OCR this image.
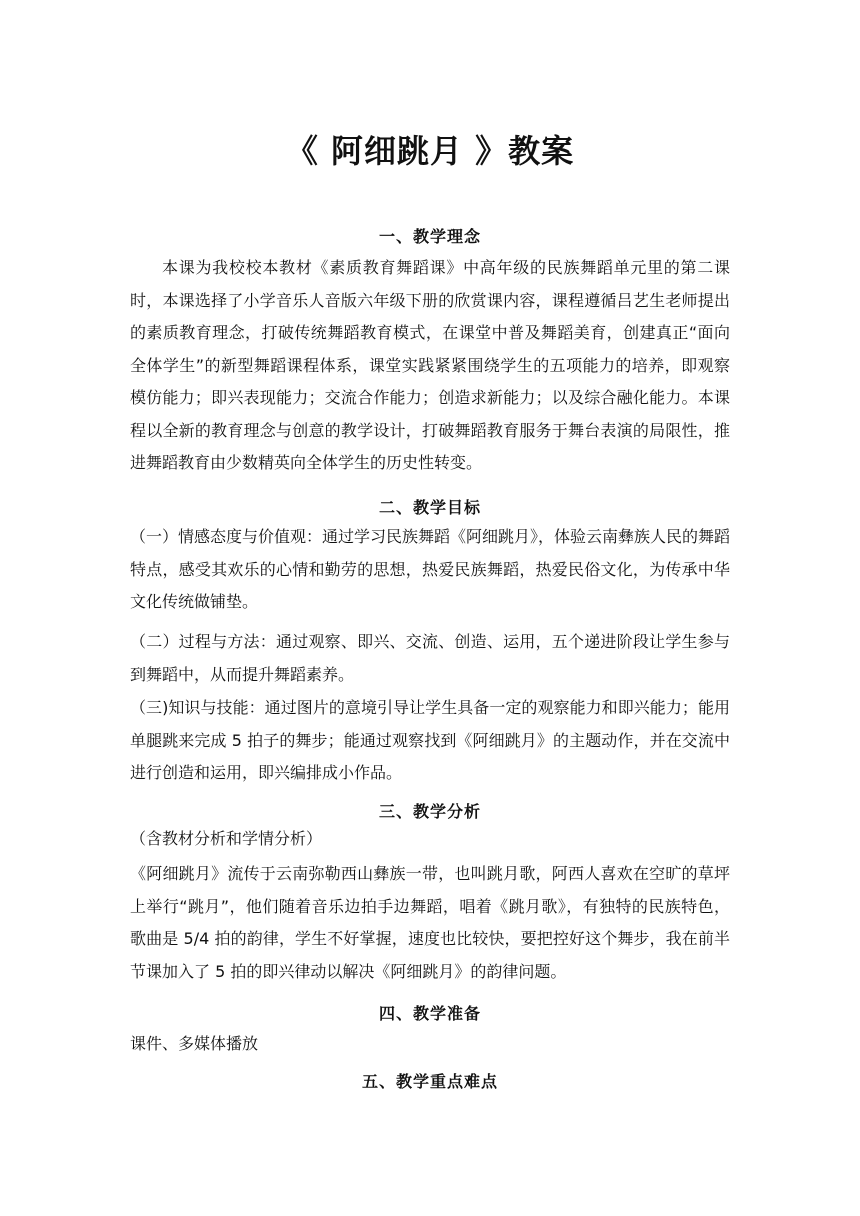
《 阿细跳月 》教案
一、教学理念
本课为我校校本教材《素质教育舞蹈课》中高年级的民族舞蹈单元里的第二课时，本课选择了小学音乐人音版六年级下册的欣赏课内容，课程遵循吕艺生老师提出的素质教育理念，打破传统舞蹈教育模式，在课堂中普及舞蹈美育，创建真正“面向全体学生”的新型舞蹈课程体系，课堂实践紧紧围绕学生的五项能力的培养，即观察模仿能力；即兴表现能力；交流合作能力；创造求新能力；以及综合融化能力。本课程以全新的教育理念与创意的教学设计，打破舞蹈教育服务于舞台表演的局限性，推进舞蹈教育由少数精英向全体学生的历史性转变。
二、教学目标
（一）情感态度与价值观：通过学习民族舞蹈《阿细跳月》，体验云南彝族人民的舞蹈特点，感受其欢乐的心情和勤劳的思想，热爱民族舞蹈，热爱民俗文化，为传承中华文化传统做铺垫。
（二）过程与方法：通过观察、即兴、交流、创造、运用，五个递进阶段让学生参与到舞蹈中，从而提升舞蹈素养。
（三)知识与技能：通过图片的意境引导让学生具备一定的观察能力和即兴能力；能用单腿跳来完成 5 拍子的舞步；能通过观察找到《阿细跳月》的主题动作，并在交流中进行创造和运用，即兴编排成小作品。
三、教学分析
（含教材分析和学情分析）
《阿细跳月》流传于云南弥勒西山彝族一带，也叫跳月歌，阿西人喜欢在空旷的草坪上举行“跳月”，他们随着音乐边拍手边舞蹈，唱着《跳月歌》，有独特的民族特色，歌曲是 5/4 拍的韵律，学生不好掌握，速度也比较快，要把控好这个舞步，我在前半节课加入了 5 拍的即兴律动以解决《阿细跳月》的韵律问题。
四、教学准备
课件、多媒体播放
五、教学重点难点
